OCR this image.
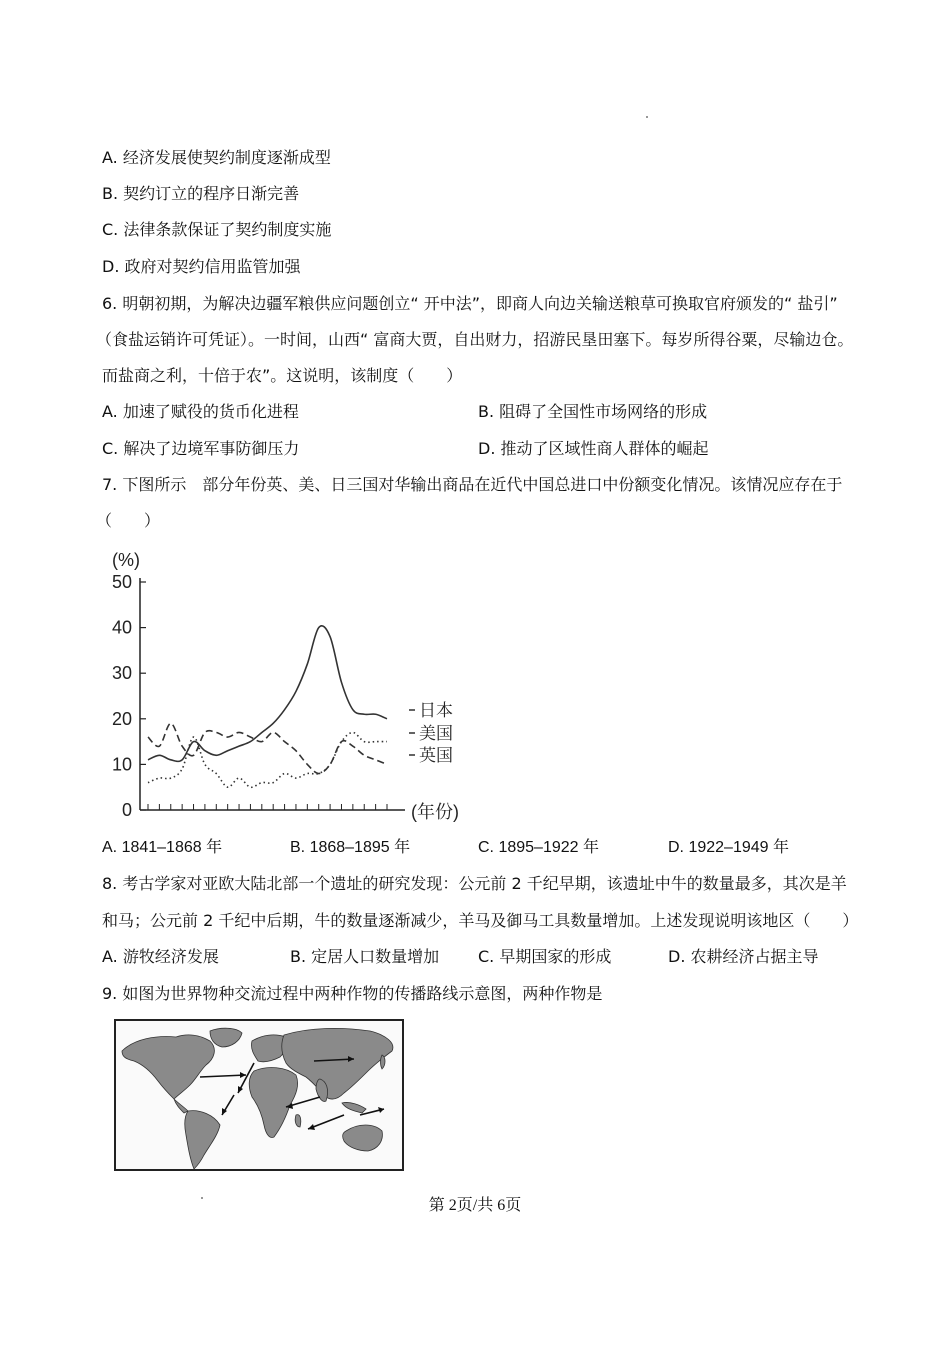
A. 经济发展使契约制度逐渐成型
B. 契约订立的程序日渐完善
C. 法律条款保证了契约制度实施
D. 政府对契约信用监管加强
6. 明朝初期，为解决边疆军粮供应问题创立“ 开中法”，即商人向边关输送粮草可换取官府颁发的“ 盐引”
（食盐运销许可凭证）。一时间，山西“ 富商大贾，自出财力，招游民垦田塞下。每岁所得谷粟，尽输边仓。
而盐商之利，十倍于农”。这说明，该制度（　　）
A. 加速了赋役的货币化进程	B. 阻碍了全国性市场网络的形成
C. 解决了边境军事防御压力	D. 推动了区域性商人群体的崛起
7. 下图所示　部分年份英、美、日三国对华输出商品在近代中国总进口中份额变化情况。该情况应存在于
（　　）
50
40
30
20
10
0
(%)
(年份)
日本
美国
英国
A. 1841–1868 年	B. 1868–1895 年	C. 1895–1922 年	D. 1922–1949 年
8. 考古学家对亚欧大陆北部一个遗址的研究发现：公元前 2 千纪早期，该遗址中牛的数量最多，其次是羊
和马；公元前 2 千纪中后期，牛的数量逐渐减少，羊马及御马工具数量增加。上述发现说明该地区（　　）
A. 游牧经济发展	B. 定居人口数量增加 C. 早期国家的形成	D. 农耕经济占据主导
9. 如图为世界物种交流过程中两种作物的传播路线示意图，两种作物是
第 2页/共 6页
